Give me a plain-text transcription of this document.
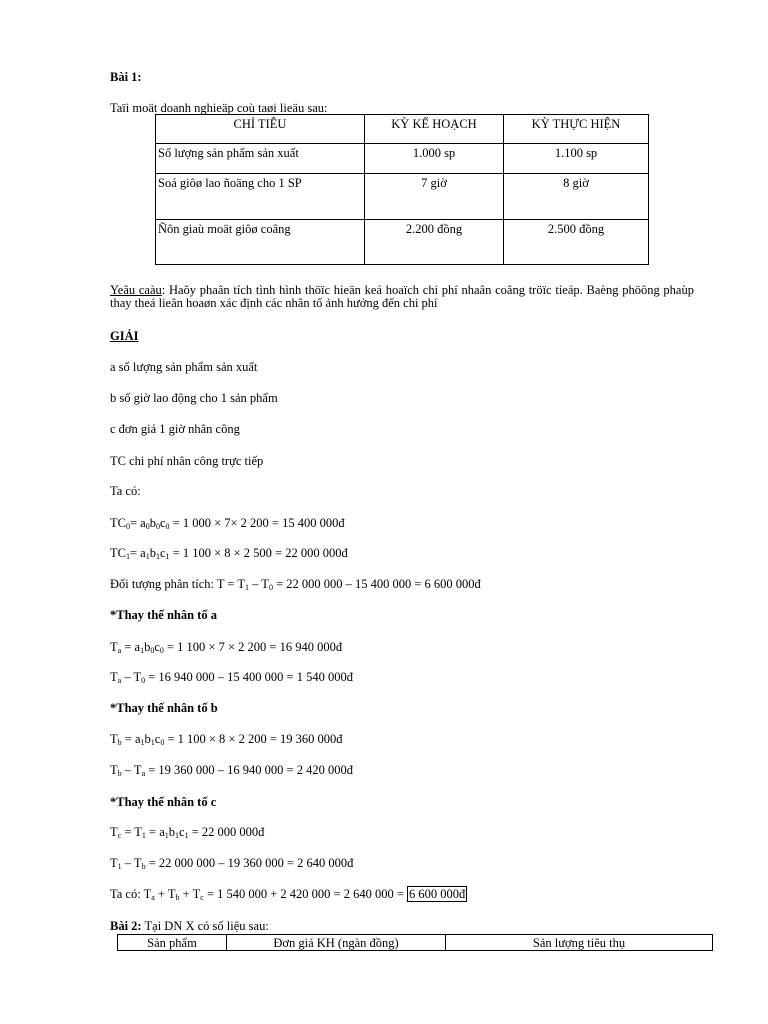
Bài 1:
Taïi moät doanh nghieäp coù taøi lieäu sau:
CHỈ TIÊU	KỲ KẾ HOẠCH	KỲ THỰC HIỆN
Số lượng sản phẩm sản xuất	1.000 sp	1.100 sp
Soá giôø lao ñoäng cho 1 SP	7 giờ	8 giờ
Ñôn giaù moät giôø coâng	2.200 đồng	2.500 đồng
Yeâu caàu: Haõy phaân tích tình hình thöïc hieän keá hoaïch chi phí nhaân coâng tröïc tieáp. Baèng phöông phaùp thay theá lieân hoaøn xác định các nhân tố ảnh hưởng đến chi phí
GIẢI
a số lượng sản phẩm sản xuất
b số giờ lao động cho 1 sản phẩm
c đơn giá 1 giờ nhân công
TC chi phí nhân công trực tiếp
Ta có:
$TC_0= a_0b_0c_0 = 1$ 000 × 7× 2 200 = 15 400 000đ
$TC_1= a_1b_1c_1 = 1$ 100 × 8 × 2 500 = 22 000 000đ
Đối tượng phân tích: $T = T_1 - T_0 = 22$ 000 000 – 15 400 000 = 6 600 000đ
*Thay thế nhân tố a
$T_a = a_1b_0c_0 = 1$ 100 × 7 × 2 200 = 16 940 000đ
$T_a - T_0 = 16$ 940 000 – 15 400 000 = 1 540 000đ
*Thay thế nhân tố b
$T_b = a_1b_1c_0 = 1$ 100 × 8 × 2 200 = 19 360 000đ
$T_b - T_a = 19$ 360 000 – 16 940 000 = 2 420 000đ
*Thay thế nhân tố c
$T_c = T_1 = a_1b_1c_1 = 22$ 000 000đ
$T_1 - T_b = 22$ 000 000 – 19 360 000 = 2 640 000đ
Ta có: $T_a + T_b + T_c = 1$ 540 000 + 2 420 000 = 2 640 000 = 6 600 000đ
Bài 2: Tại DN X có số liệu sau:
Sản phẩm	Đơn giá KH (ngàn đồng)	Sản lượng tiêu thụ
